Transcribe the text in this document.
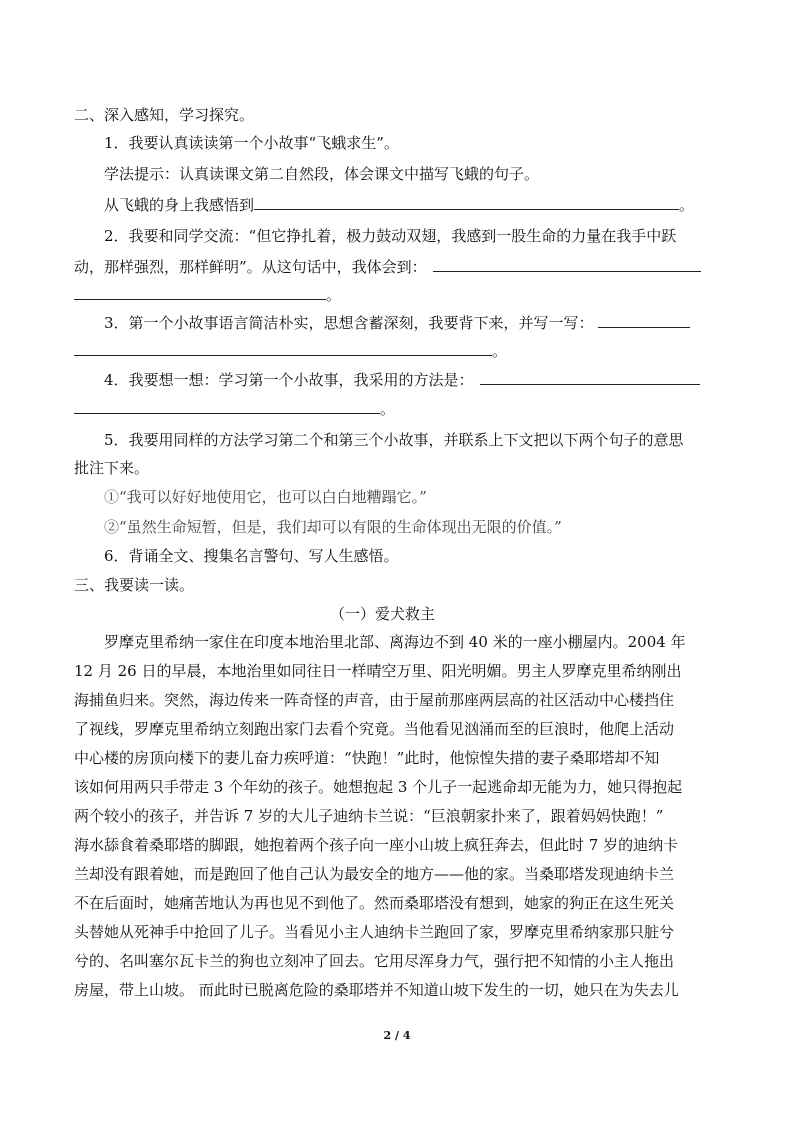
二、深入感知，学习探究。
1．我要认真读读第一个小故事“飞蛾求生”。
学法提示：认真读课文第二自然段，体会课文中描写飞蛾的句子。
从飞蛾的身上我感悟到	。
2．我要和同学交流：“但它挣扎着，极力鼓动双翅，我感到一股生命的力量在我手中跃
动，那样强烈，那样鲜明”。从这句话中，我体会到：
。
3．第一个小故事语言简洁朴实，思想含蓄深刻，我要背下来，并写一写：
。
4．我要想一想：学习第一个小故事，我采用的方法是：
。
5．我要用同样的方法学习第二个和第三个小故事，并联系上下文把以下两个句子的意思
批注下来。
①“我可以好好地使用它，也可以白白地糟蹋它。”
②“虽然生命短暂，但是，我们却可以有限的生命体现出无限的价值。”
6．背诵全文、搜集名言警句、写人生感悟。
三、我要读一读。
（一）爱犬救主
罗摩克里希纳一家住在印度本地治里北部、离海边不到 40 米的一座小棚屋内。2004 年
12 月 26 日的早晨，本地治里如同往日一样晴空万里、阳光明媚。男主人罗摩克里希纳刚出
海捕鱼归来。突然，海边传来一阵奇怪的声音，由于屋前那座两层高的社区活动中心楼挡住
了视线，罗摩克里希纳立刻跑出家门去看个究竟。当他看见汹涌而至的巨浪时，他爬上活动
中心楼的房顶向楼下的妻儿奋力疾呼道：“快跑！”此时，他惊惶失措的妻子桑耶塔却不知
该如何用两只手带走 3 个年幼的孩子。她想抱起 3 个儿子一起逃命却无能为力，她只得抱起
两个较小的孩子，并告诉 7 岁的大儿子迪纳卡兰说：“巨浪朝家扑来了，跟着妈妈快跑！”
海水舔食着桑耶塔的脚跟，她抱着两个孩子向一座小山坡上疯狂奔去，但此时 7 岁的迪纳卡
兰却没有跟着她，而是跑回了他自己认为最安全的地方——他的家。当桑耶塔发现迪纳卡兰
不在后面时，她痛苦地认为再也见不到他了。然而桑耶塔没有想到，她家的狗正在这生死关
头替她从死神手中抢回了儿子。当看见小主人迪纳卡兰跑回了家，罗摩克里希纳家那只脏兮
兮的、名叫塞尔瓦卡兰的狗也立刻冲了回去。它用尽浑身力气，强行把不知情的小主人拖出
房屋，带上山坡。 而此时已脱离危险的桑耶塔并不知道山坡下发生的一切，她只在为失去儿
2 / 4
